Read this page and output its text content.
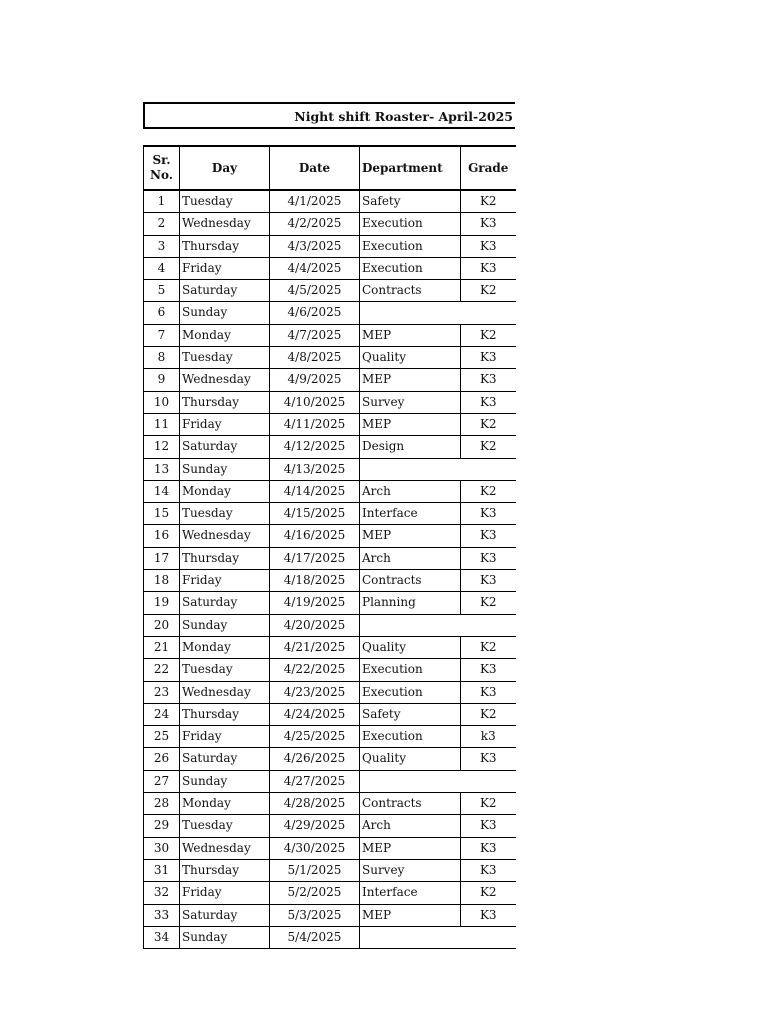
Night shift Roaster- April-2025
Sr. No.	Day	Date	Department	Grade
1	Tuesday	4/1/2025	Safety	K2
2	Wednesday	4/2/2025	Execution	K3
3	Thursday	4/3/2025	Execution	K3
4	Friday	4/4/2025	Execution	K3
5	Saturday	4/5/2025	Contracts	K2
6	Sunday	4/6/2025		
7	Monday	4/7/2025	MEP	K2
8	Tuesday	4/8/2025	Quality	K3
9	Wednesday	4/9/2025	MEP	K3
10	Thursday	4/10/2025	Survey	K3
11	Friday	4/11/2025	MEP	K2
12	Saturday	4/12/2025	Design	K2
13	Sunday	4/13/2025		
14	Monday	4/14/2025	Arch	K2
15	Tuesday	4/15/2025	Interface	K3
16	Wednesday	4/16/2025	MEP	K3
17	Thursday	4/17/2025	Arch	K3
18	Friday	4/18/2025	Contracts	K3
19	Saturday	4/19/2025	Planning	K2
20	Sunday	4/20/2025		
21	Monday	4/21/2025	Quality	K2
22	Tuesday	4/22/2025	Execution	K3
23	Wednesday	4/23/2025	Execution	K3
24	Thursday	4/24/2025	Safety	K2
25	Friday	4/25/2025	Execution	k3
26	Saturday	4/26/2025	Quality	K3
27	Sunday	4/27/2025		
28	Monday	4/28/2025	Contracts	K2
29	Tuesday	4/29/2025	Arch	K3
30	Wednesday	4/30/2025	MEP	K3
31	Thursday	5/1/2025	Survey	K3
32	Friday	5/2/2025	Interface	K2
33	Saturday	5/3/2025	MEP	K3
34	Sunday	5/4/2025		
